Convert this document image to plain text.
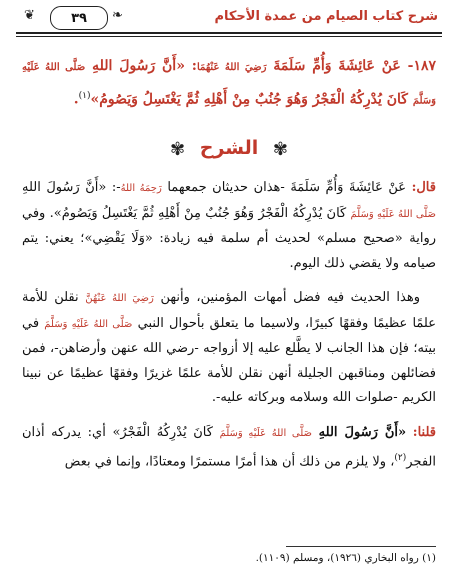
❦	٣٩ ❧	شرح كتاب الصيام من عمدة الأحكام
١٨٧- عَنْ عَائِشَةَ وَأُمِّ سَلَمَةَ رَضِيَ اللهُ عَنْهُمَا: «أَنَّ رَسُولَ اللهِ صَلَّى اللهُ عَلَيْهِ وَسَلَّمَ كَانَ يُدْرِكُهُ الْفَجْرُ وَهُوَ جُنُبٌ مِنْ أَهْلِهِ ثُمَّ يَغْتَسِلُ وَيَصُومُ»$^{(١)}$.
✾ الشرح ✾

قال: عَنْ عَائِشَةَ وَأُمِّ سَلَمَةَ -هذان حديثان جمعهما رَحِمَهُ اللهُ-: «أَنَّ رَسُولَ اللهِ صَلَّى اللهُ عَلَيْهِ وَسَلَّمَ كَانَ يُدْرِكُهُ الْفَجْرُ وَهُوَ جُنُبٌ مِنْ أَهْلِهِ ثُمَّ يَغْتَسِلُ وَيَصُومُ». وفي رواية «صحيح مسلم» لحديث أم سلمة فيه زيادة: «وَلَا يَقْضِي»؛ يعني: يتم صيامه ولا يقضي ذلك اليوم.

وهذا الحديث فيه فضل أمهات المؤمنين، وأنهن رَضِيَ اللهُ عَنْهُنَّ نقلن للأمة علمًا عظيمًا وفقهًا كبيرًا، ولاسيما ما يتعلق بأحوال النبي صَلَّى اللهُ عَلَيْهِ وَسَلَّمَ في بيته؛ فإن هذا الجانب لا يطَّلع عليه إلا أزواجه -رضي الله عنهن وأرضاهن-، فمن فضائلهن ومناقبهن الجليلة أنهن نقلن للأمة علمًا غزيرًا وفقهًا عظيمًا عن نبينا الكريم -صلوات الله وسلامه وبركاته عليه-.

قلنا: «أَنَّ رَسُولَ اللهِ صَلَّى اللهُ عَلَيْهِ وَسَلَّمَ كَانَ يُدْرِكُهُ الْفَجْرُ» أي: يدركه أذان الفجر$^{(٢)}$، ولا يلزم من ذلك أن هذا أمرًا مستمرًا ومعتادًا، وإنما في بعض

(١) رواه البخاري (١٩٢٦)، ومسلم (١١٠٩).
